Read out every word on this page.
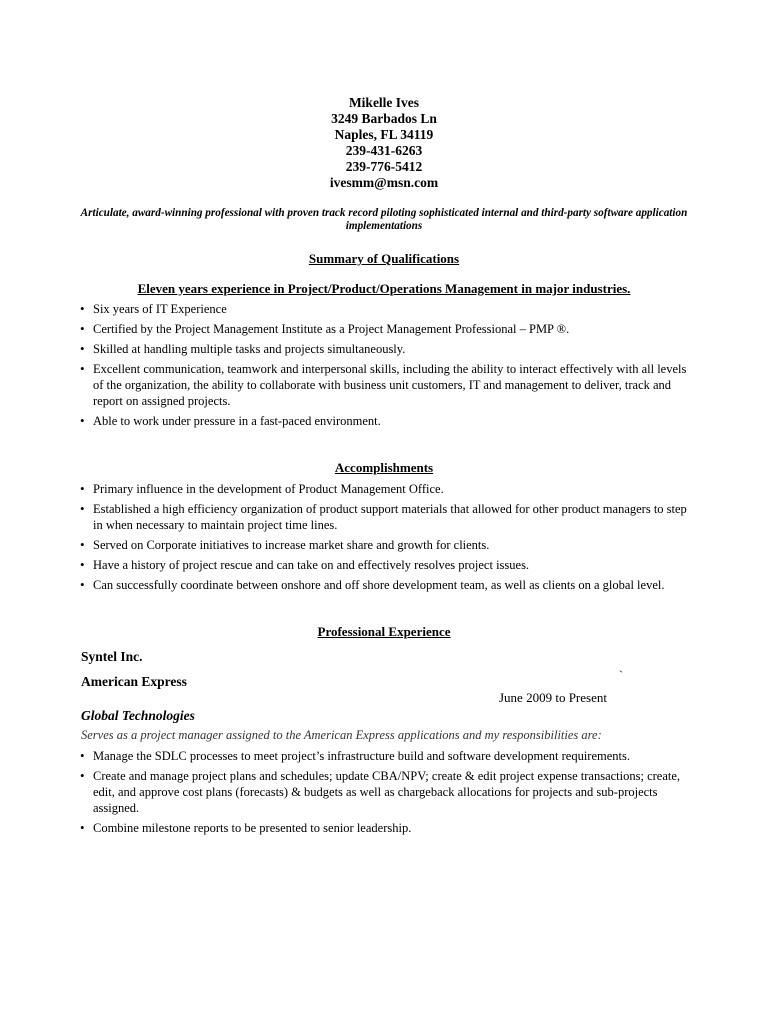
Mikelle Ives
3249 Barbados Ln
Naples, FL 34119
239-431-6263
239-776-5412
ivesmm@msn.com
Articulate, award-winning professional with proven track record piloting sophisticated internal and third-party software application implementations
Summary of Qualifications
Eleven years experience in Project/Product/Operations Management in major industries.
• Six years of IT Experience
• Certified by the Project Management Institute as a Project Management Professional – PMP ®.
• Skilled at handling multiple tasks and projects simultaneously.
• Excellent communication, teamwork and interpersonal skills, including the ability to interact effectively with all levels of the organization, the ability to collaborate with business unit customers, IT and management to deliver, track and report on assigned projects.
• Able to work under pressure in a fast-paced environment.
Accomplishments
• Primary influence in the development of Product Management Office.
• Established a high efficiency organization of product support materials that allowed for other product managers to step in when necessary to maintain project time lines.
• Served on Corporate initiatives to increase market share and growth for clients.
• Have a history of project rescue and can take on and effectively resolves project issues.
• Can successfully coordinate between onshore and off shore development team, as well as clients on a global level.
Professional Experience
Syntel Inc.
American Express	`
June 2009 to Present
Global Technologies
Serves as a project manager assigned to the American Express applications and my responsibilities are:
• Manage the SDLC processes to meet project’s infrastructure build and software development requirements.
• Create and manage project plans and schedules; update CBA/NPV; create & edit project expense transactions; create, edit, and approve cost plans (forecasts) & budgets as well as chargeback allocations for projects and sub-projects assigned.
• Combine milestone reports to be presented to senior leadership.
